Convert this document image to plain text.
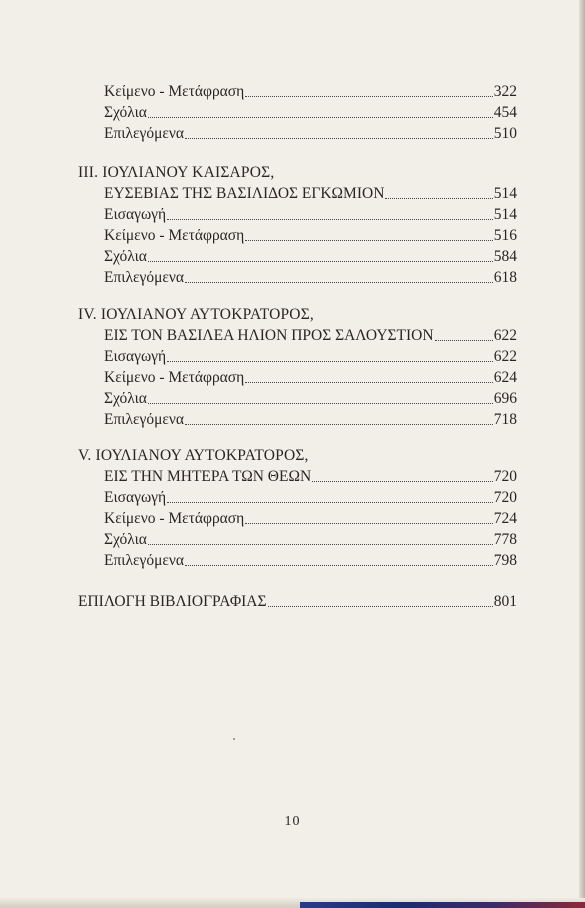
Κείμενο - Μετάφραση	322
Σχόλια	454
Επιλεγόμενα	510
III. ΙΟΥΛΙΑΝΟΥ ΚΑΙΣΑΡΟΣ,
ΕΥΣΕΒΙΑΣ ΤΗΣ ΒΑΣΙΛΙΔΟΣ ΕΓΚΩΜΙΟΝ	514
Εισαγωγή	514
Κείμενο - Μετάφραση	516
Σχόλια	584
Επιλεγόμενα	618
IV. ΙΟΥΛΙΑΝΟΥ ΑΥΤΟΚΡΑΤΟΡΟΣ,
ΕΙΣ ΤΟΝ ΒΑΣΙΛΕΑ ΗΛΙΟΝ ΠΡΟΣ ΣΑΛΟΥΣΤΙΟΝ	622
Εισαγωγή	622
Κείμενο - Μετάφραση	624
Σχόλια	696
Επιλεγόμενα	718
V. ΙΟΥΛΙΑΝΟΥ ΑΥΤΟΚΡΑΤΟΡΟΣ,
ΕΙΣ ΤΗΝ ΜΗΤΕΡΑ ΤΩΝ ΘΕΩΝ	720
Εισαγωγή	720
Κείμενο - Μετάφραση	724
Σχόλια	778
Επιλεγόμενα	798
ΕΠΙΛΟΓΗ ΒΙΒΛΙΟΓΡΑΦΙΑΣ	801
10
